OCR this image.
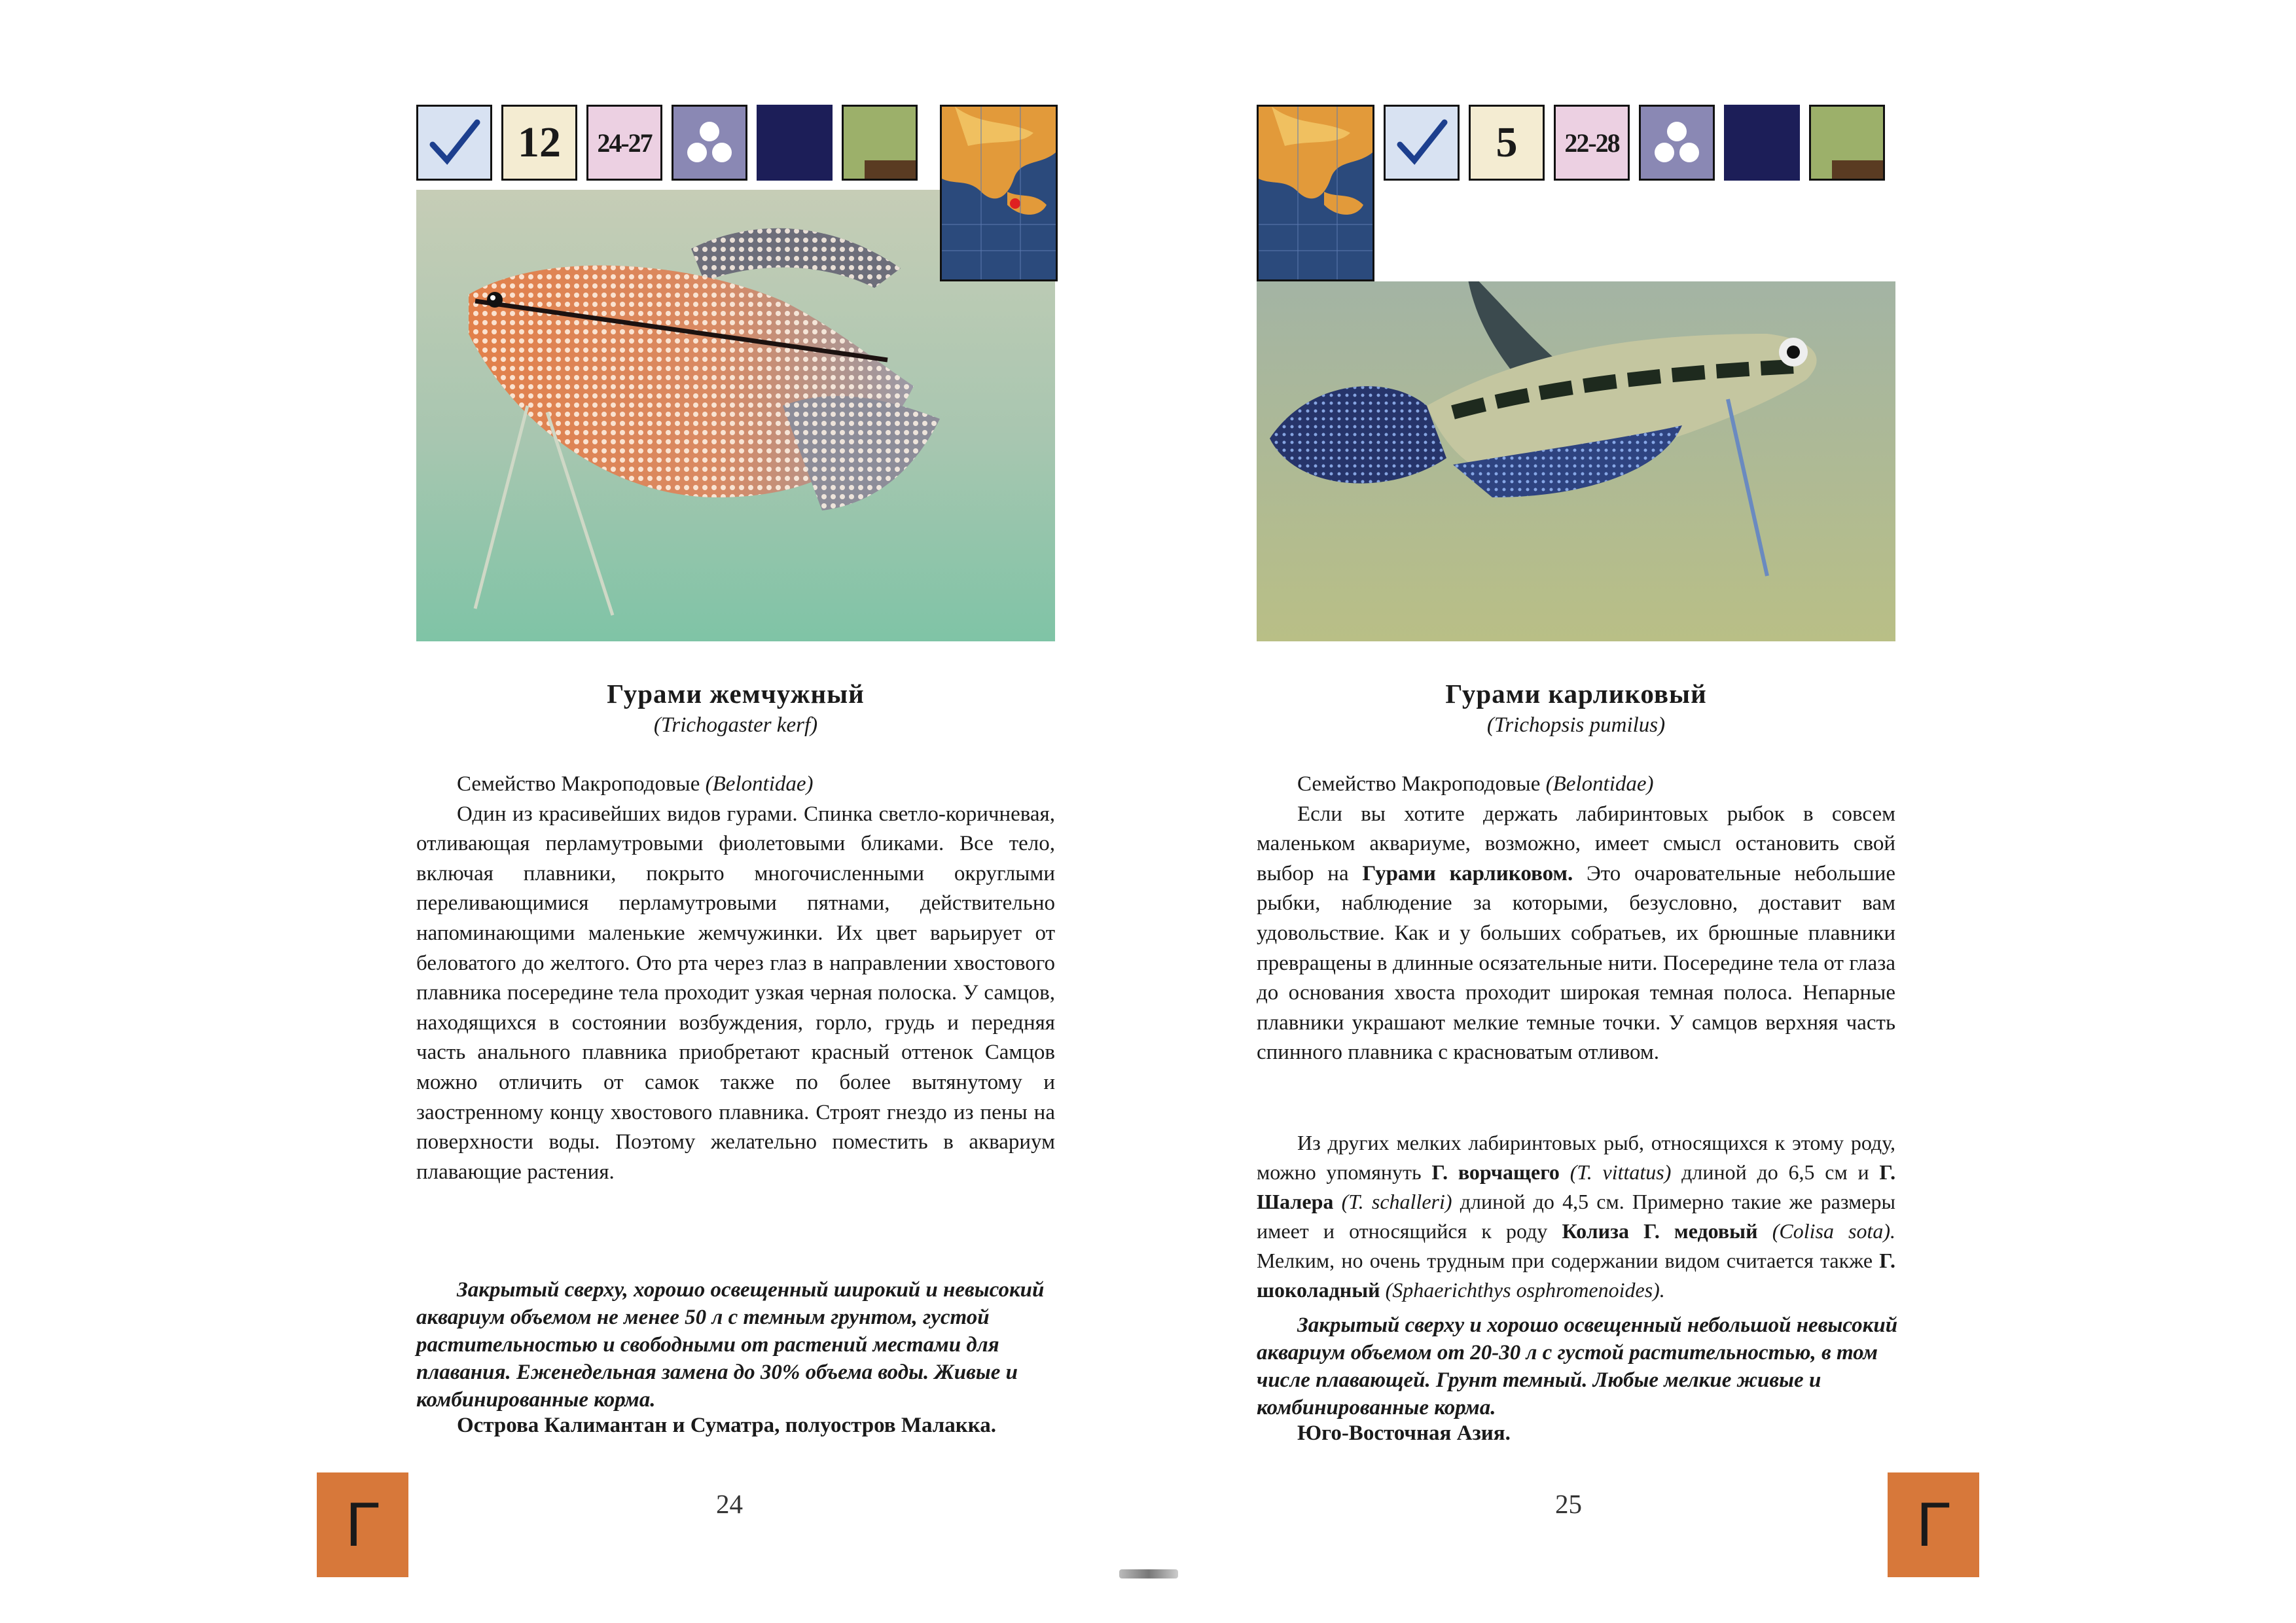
12	24-27
Гурами жемчужный
(Trichogaster kerf)

Семейство Макроподовые (Belontidae)

Один из красивейших видов гурами. Спинка светло-коричневая, отливающая перламутровыми фиолетовыми бликами. Все тело, включая плавники, покрыто многочисленными округлыми переливающимися перламутровыми пятнами, действительно напоминающими маленькие жемчужинки. Их цвет варьирует от беловатого до желтого. Ото рта через глаз в направлении хвостового плавника посередине тела проходит узкая черная полоска. У самцов, находящихся в состоянии возбуждения, горло, грудь и передняя часть анального плавника приобретают красный оттенок Самцов можно отличить от самок также по более вытянутому и заостренному концу хвостового плавника. Строят гнездо из пены на поверхности воды. Поэтому желательно поместить в аквариум плавающие растения.

Закрытый сверху, хорошо освещенный широкий и невысокий аквариум объемом не менее 50 л с темным грунтом, густой растительностью и свободными от растений местами для плавания. Еженедельная замена до 30% объема воды. Живые и комбинированные корма.

Острова Калимантан и Суматра, полуостров Малакка.
Г	24
5	22-28
Гурами карликовый
(Trichopsis pumilus)

Семейство Макроподовые (Belontidae)

Если вы хотите держать лабиринтовых рыбок в совсем маленьком аквариуме, возможно, имеет смысл остановить свой выбор на Гурами карликовом. Это очаровательные небольшие рыбки, наблюдение за которыми, безусловно, доставит вам удовольствие. Как и у больших собратьев, их брюшные плавники превращены в длинные осязательные нити. Посередине тела от глаза до основания хвоста проходит широкая темная полоса. Непарные плавники украшают мелкие темные точки. У самцов верхняя часть спинного плавника с красноватым отливом.

Из других мелких лабиринтовых рыб, относящихся к этому роду, можно упомянуть Г. ворчащего (T. vittatus) длиной до 6,5 см и Г. Шалера (T. schalleri) длиной до 4,5 см. Примерно такие же размеры имеет и относящийся к роду Колиза Г. медовый (Colisa sota). Мелким, но очень трудным при содержании видом считается также Г. шоколадный (Sphaerichthys osphromenoides).

Закрытый сверху и хорошо освещенный небольшой невысокий аквариум объемом от 20-30 л с густой растительностью, в том числе плавающей. Грунт темный. Любые мелкие живые и комбинированные корма.

Юго-Восточная Азия.
25	Г
